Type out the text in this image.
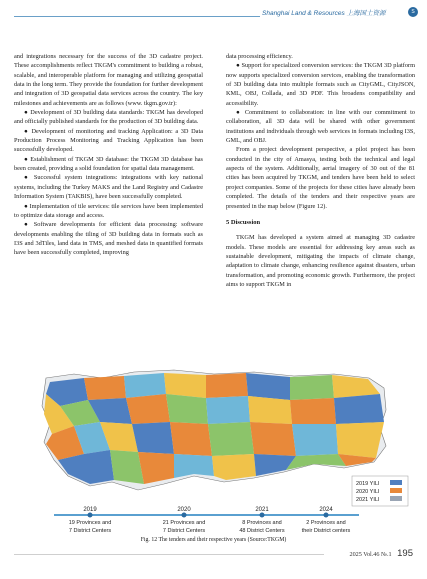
Shanghai Land & Resources 上海国土资源	S

and integrations necessary for the success of the 3D cadastre project. These accomplishments reflect TKGM's commitment to building a robust, scalable, and interoperable platform for managing and utilizing geospatial data in the long term. They provide the foundation for further development and integration of 3D geospatial data services across the country. The key milestones and achievements are as follows (www. tkgm.gov.tr):

● Development of 3D building data standards: TKGM has developed and officially published standards for the production of 3D building data.

● Development of monitoring and tracking Application: a 3D Data Production Process Monitoring and Tracking Application has been successfully developed.

● Establishment of TKGM 3D database: the TKGM 3D database has been created, providing a solid foundation for spatial data management.

● Successful system integrations: integrations with key national systems, including the Turkey MAKS and the Land Registry and Cadastre Information System (TAKBIS), have been successfully completed.

● Implementation of tile services: tile services have been implemented to optimize data storage and access.

● Software developments for efficient data processing: software developments enabling the tiling of 3D building data in formats such as I3S and 3dTiles, land data in TMS, and meshed data in quantified formats have been successfully completed, improving

data processing efficiency.

● Support for specialized conversion services: the TKGM 3D platform now supports specialized conversion services, enabling the transformation of 3D building data into multiple formats such as CityGML, CityJSON, KML, OBJ, Collada, and 3D PDF. This broadens compatibility and accessibility.

● Commitment to collaboration: in line with our commitment to collaboration, all 3D data will be shared with other government institutions and individuals through web services in formats including I3S, GML, and OBJ.

From a project development perspective, a pilot project has been conducted in the city of Amasya, testing both the technical and legal aspects of the system. Additionally, aerial imagery of 30 out of the 81 cities has been acquired by TKGM, and tenders have been held to select project companies. Some of the projects for these cities have already been completed. The details of the tenders and their respective years are presented in the map below (Figure 12).

5 Discussion

TKGM has developed a system aimed at managing 3D cadastre models. These models are essential for addressing key areas such as sustainable development, mitigating the impacts of climate change, adaptation to climate change, enhancing resilience against disasters, urban transformation, and promoting economic growth. Furthermore, the project aims to support TKGM in

2019 YILI
2020 YILI
2021 YILI
2019	2020	2021	2024
19 Provinces and
7 District Centers
21 Provinces and
7 District Centers
8 Provinces and
48 District Centers
2 Provinces and
their District centers
Fig. 12 The tenders and their respective years (Source:TKGM)
2025 Vol.46 №.1 195
